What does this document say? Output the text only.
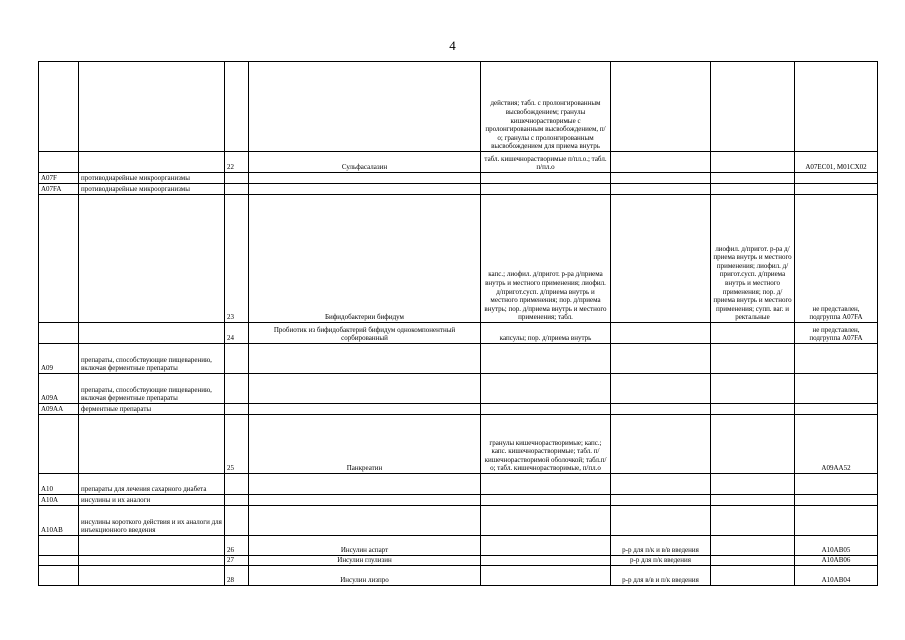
4
				действия; табл. с пролонгированным высвобождением; гранулы кишечнорастворимые с пролонгированным высвобождением, п/о; гранулы с пролонгированным высвобождением для приема внутрь			
		22	Сульфасалазин	табл. кишечнорастворимые п/пл.о.; табл. п/пл.о			А07ЕС01, М01СХ02
А07F	противодиарейные микроорганизмы						
А07FA	противодиарейные микроорганизмы						
		23	Бифидобактерии бифидум	капс.; лиофил. д/пригот. р-ра д/приема внутрь и местного применения; лиофил. д/пригот.сусп. д/приема внутрь и местного применения; пор. д/приема внутрь; пор. д/приема внутрь и местного применения; табл.		лиофил. д/пригот. р-ра д/приема внутрь и местного применения; лиофил. д/пригот.сусп. д/приема внутрь и местного применения; пор. д/приема внутрь и местного применения; супп. ваг. и ректальные	не представлен, подгруппа А07FA
		24	Пробиотик из бифидобактерий бифидум однокомпонентный сорбированный	капсулы; пор. д/приема внутрь			не представлен, подгруппа А07FA
А09	препараты, способствующие пищеварению, включая ферментные препараты						
А09А	препараты, способствующие пищеварению, включая ферментные препараты						
А09АА	ферментные препараты						
		25	Панкреатин	гранулы кишечнорастворимые; капс.; капс. кишечнорастворимые; табл. п/кишечнорастворимой оболочкой; табл.п/о; табл. кишечнорастворимые, п/пл.о			А09АА52
А10	препараты для лечения сахарного диабета						
А10А	инсулины и их аналоги						
А10АВ	инсулины короткого действия и их аналоги для инъекционного введения						
		26	Инсулин аспарт		р-р для п/к и в/в введения		А10АВ05
		27	Инсулин глулизин		р-р для п/к введения		А10АВ06
		28	Инсулин лизпро		р-р для в/в и п/к введения		А10АВ04
